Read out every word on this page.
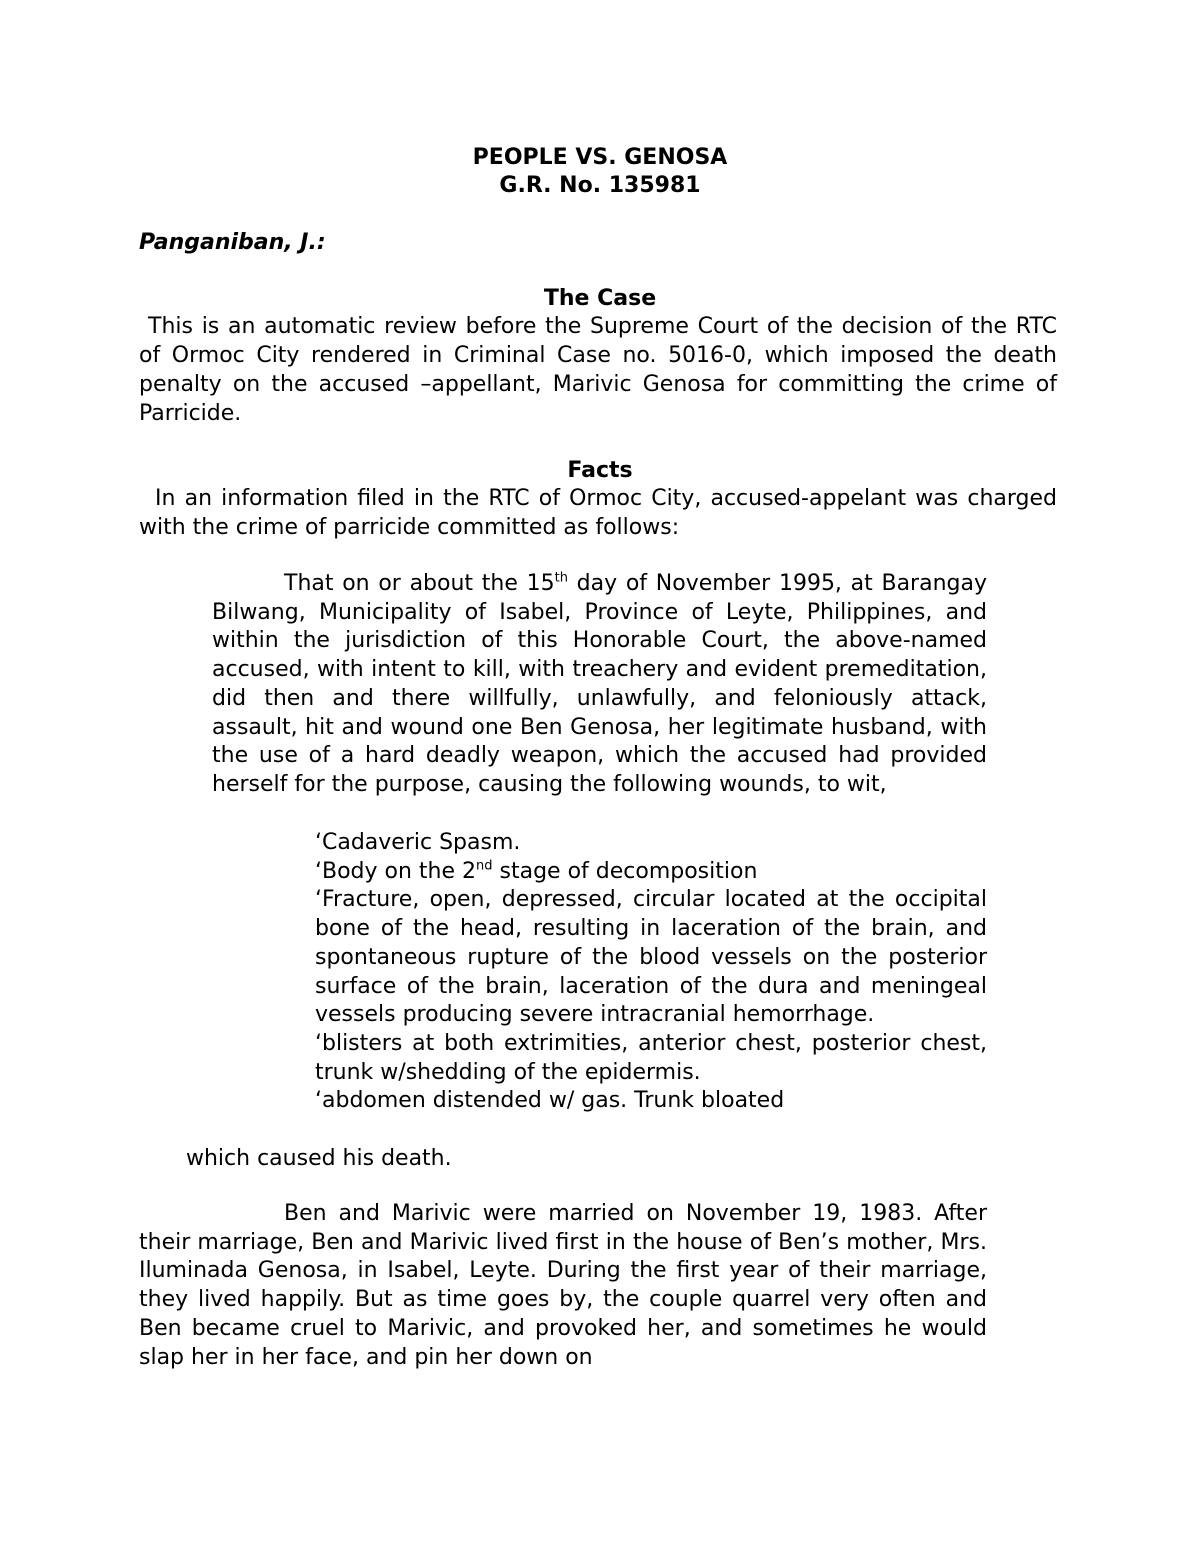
PEOPLE VS. GENOSA
G.R. No. 135981
Panganiban, J.:
The Case
This is an automatic review before the Supreme Court of the decision of the RTC of Ormoc City rendered in Criminal Case no. 5016-0, which imposed the death penalty on the accused –appellant, Marivic Genosa for committing the crime of Parricide.
Facts
In an information filed in the RTC of Ormoc City, accused-appelant was charged with the crime of parricide committed as follows:
That on or about the 15th day of November 1995, at Barangay Bilwang, Municipality of Isabel, Province of Leyte, Philippines, and within the jurisdiction of this Honorable Court, the above-named accused, with intent to kill, with treachery and evident premeditation, did then and there willfully, unlawfully, and feloniously attack, assault, hit and wound one Ben Genosa, her legitimate husband, with the use of a hard deadly weapon, which the accused had provided herself for the purpose, causing the following wounds, to wit,

‘Cadaveric Spasm.

‘Body on the 2nd stage of decomposition

‘Fracture, open, depressed, circular located at the occipital bone of the head, resulting in laceration of the brain, and spontaneous rupture of the blood vessels on the posterior surface of the brain, laceration of the dura and meningeal vessels producing severe intracranial hemorrhage.

‘blisters at both extrimities, anterior chest, posterior chest, trunk w/shedding of the epidermis.

‘abdomen distended w/ gas. Trunk bloated

which caused his death.
Ben and Marivic were married on November 19, 1983. After their marriage, Ben and Marivic lived first in the house of Ben’s mother, Mrs. Iluminada Genosa, in Isabel, Leyte. During the first year of their marriage, they lived happily. But as time goes by, the couple quarrel very often and Ben became cruel to Marivic, and provoked her, and sometimes he would slap her in her face, and pin her down on
